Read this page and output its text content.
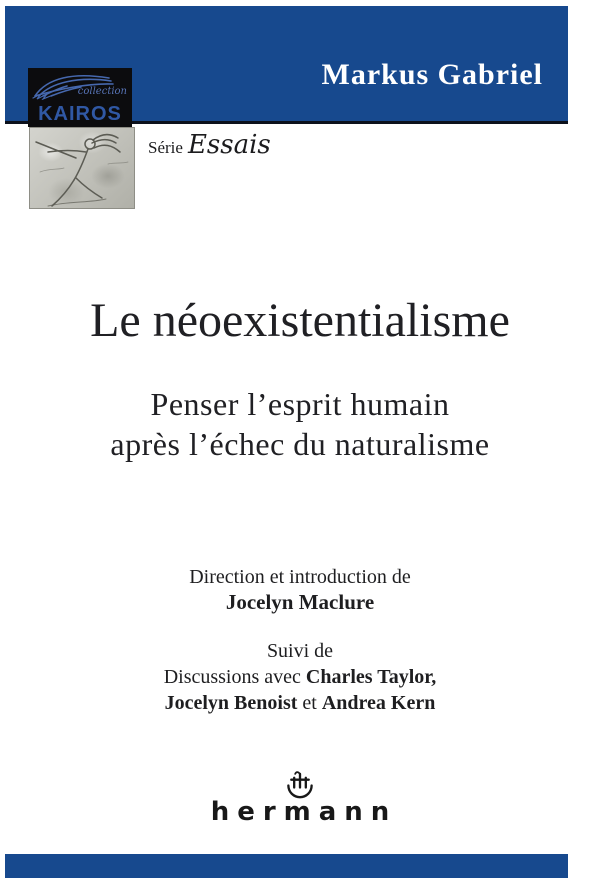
Markus Gabriel
collection
KAIROS
Série Essais
Le néoexistentialisme
Penser l’esprit humain
après l’échec du naturalisme
Direction et introduction de
Jocelyn Maclure
Suivi de
Discussions avec Charles Taylor,
Jocelyn Benoist et Andrea Kern
hermann
